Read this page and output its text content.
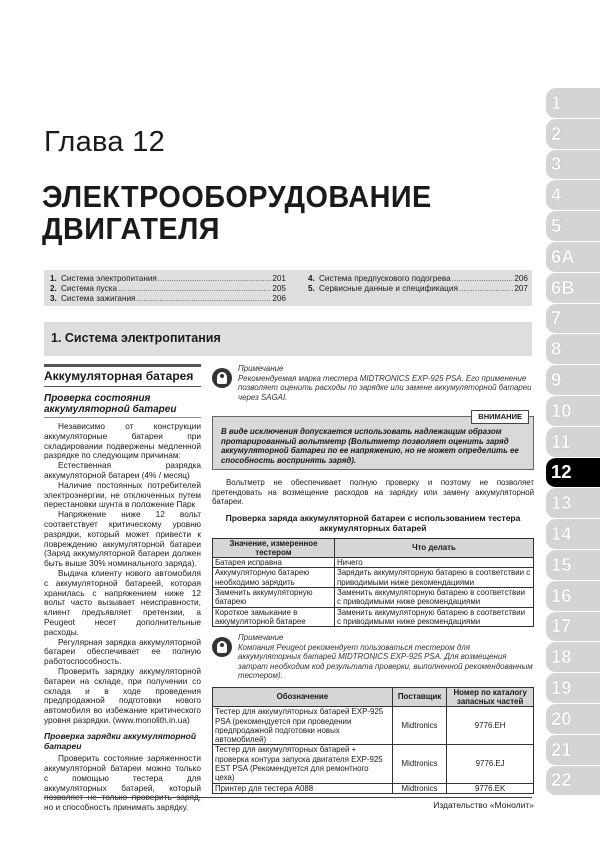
Глава 12
ЭЛЕКТРООБОРУДОВАНИЕ ДВИГАТЕЛЯ
1. Система электропитания .....	201
2. Система пуска .....	205
3. Система зажигания .....	206
4. Система предпускового подогрева .....	206
5. Сервисные данные и спецификация .....	207
1. Система электропитания
1
2
3
4
5
6A
6B
7
8
9
10
11
12
13
14
15
16
17
18
19
20
21
22
Аккумуляторная батарея
Проверка состояния аккумуляторной батареи

Независимо от конструкции аккумуляторные батареи при складировании подвержены медленной разрядке по следующим причинам:

Естественная разрядка аккумуляторной батареи (4% / месяц)

Наличие постоянных потребителей электроэнергии, не отключенных путем перестановки шунта в положение Парк

Напряжение ниже 12 вольт соответствует критическому уровню разрядки, который может привести к повреждению аккумуляторной батареи (Заряд аккумуляторной батареи должен быть выше 30% номинального заряда).

Выдача клиенту нового автомобиля с аккумуляторной батареей, которая хранилась с напряжением ниже 12 вольт часто вызывает неисправности, клиент предъявляет претензии, а Peugeot несет дополнительные расходы.

Регулярная зарядка аккумуляторной батареи обеспечивает ее полную работоспособность.

Проверить зарядку аккумуляторной батареи на складе, при получении со склада и в ходе проведения предпродажной подготовки нового автомобиля во избежание критического уровня разрядки. (www.monolith.in.ua)

Проверка зарядки аккумуляторной батареи

Проверить состояние заряженности аккумуляторной батареи можно только с помощью тестера для аккумуляторных батарей, который но и способность принимать зарядку.

Примечание
Рекомендуемая марка тестера MIDTRONICS EXP-925 PSA. Его применение позволяет оценить расходы по зарядке или замене аккумуляторной батареи через SAGAI.
ВНИМАНИЕ
В виде исключения допускается использовать надлежащим образом протарированный вольтметр (Вольтметр позволяет оценить заряд аккумуляторной батареи по ее напряжению, но не может определить ее способность воспринять заряд).
Вольтметр не обеспечивает полную проверку и поэтому не позволяет претендовать на возмещение расходов на зарядку или замену аккумуляторной батареи.
Проверка заряда аккумуляторной батареи с использованием тестера аккумуляторных батарей
Значение, измеренное тестером	Что делать
Батарея исправна	Ничего
Аккумуляторную батарею необходимо зарядить	Зарядить аккумуляторную батарею в соответствии с приводимыми ниже рекомендациями
Заменить аккумуляторную батарею	Заменить аккумуляторную батарею в соответствии с приводимыми ниже рекомендациями
Короткое замыкание в аккумуляторной батарее	Заменить аккумуляторную батарею в соответствии с приводимыми ниже рекомендациями
Примечание
Компания Peugeot рекомендует пользоваться тестером для аккумуляторных батарей MIDTRONICS EXP-925 PSA. Для возмещения затрат необходим код результата проверки, выполненной рекомендованным тестером).
Обозначение	Поставщик	Номер по каталогу запасных частей
Тестер для аккумуляторных батарей EXP-925 PSA (рекомендуется при проведении предпродажной подготовки новых автомобилей)	Midtronics	9776.EH
Тестер для аккумуляторных батарей + проверка контура запуска двигателя EXP-925 EST PSA (Рекомендуется для ремонтного цеха)	Midtronics	9776.EJ
Принтер для тестера A088	Midtronics	9776.EK
Издательство «Монолит»
